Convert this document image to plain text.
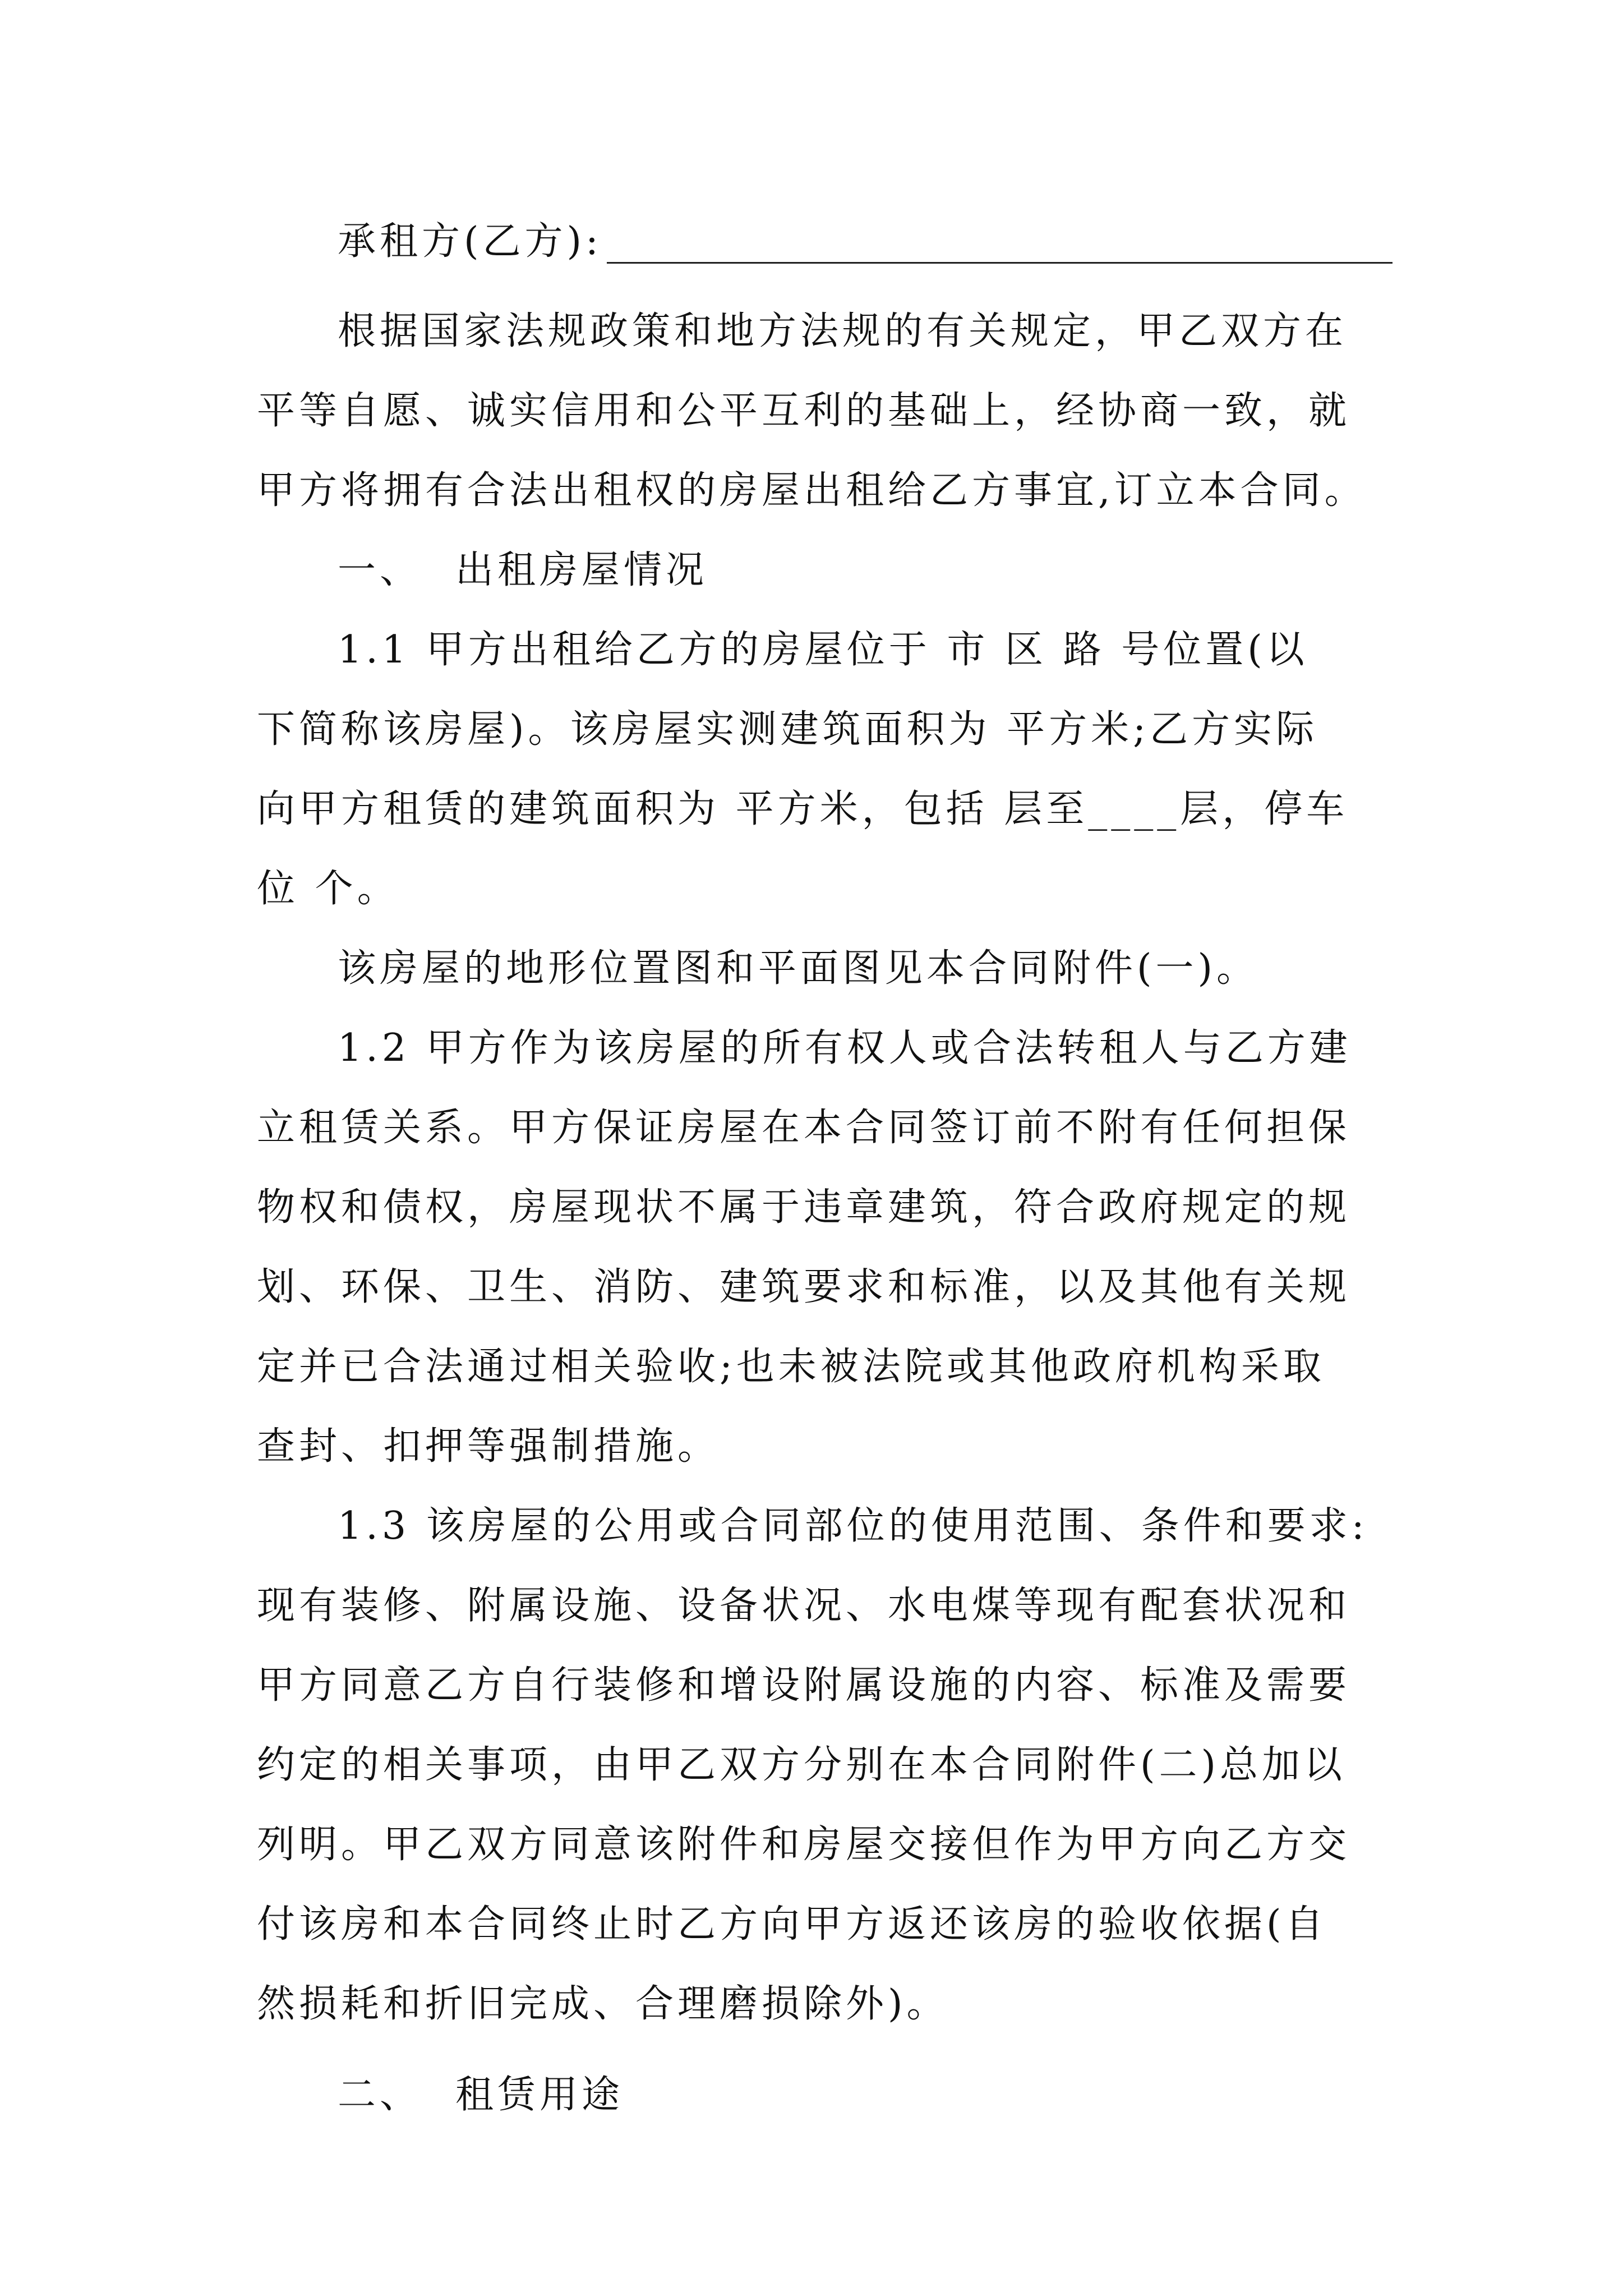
承租方(乙方):
根据国家法规政策和地方法规的有关规定，甲乙双方在
平等自愿、诚实信用和公平互利的基础上，经协商一致，就
甲方将拥有合法出租权的房屋出租给乙方事宜,订立本合同。
一、 出租房屋情况
1.1 甲方出租给乙方的房屋位于 市 区 路 号位置(以
下简称该房屋)。该房屋实测建筑面积为 平方米;乙方实际
向甲方租赁的建筑面积为 平方米，包括 层至____层，停车
位 个。
该房屋的地形位置图和平面图见本合同附件(一)。
1.2 甲方作为该房屋的所有权人或合法转租人与乙方建
立租赁关系。甲方保证房屋在本合同签订前不附有任何担保
物权和债权，房屋现状不属于违章建筑，符合政府规定的规
划、环保、卫生、消防、建筑要求和标准，以及其他有关规
定并已合法通过相关验收;也未被法院或其他政府机构采取
查封、扣押等强制措施。
1.3 该房屋的公用或合同部位的使用范围、条件和要求:
现有装修、附属设施、设备状况、水电煤等现有配套状况和
甲方同意乙方自行装修和增设附属设施的内容、标准及需要
约定的相关事项，由甲乙双方分别在本合同附件(二)总加以
列明。甲乙双方同意该附件和房屋交接但作为甲方向乙方交
付该房和本合同终止时乙方向甲方返还该房的验收依据(自
然损耗和折旧完成、合理磨损除外)。
二、 租赁用途
